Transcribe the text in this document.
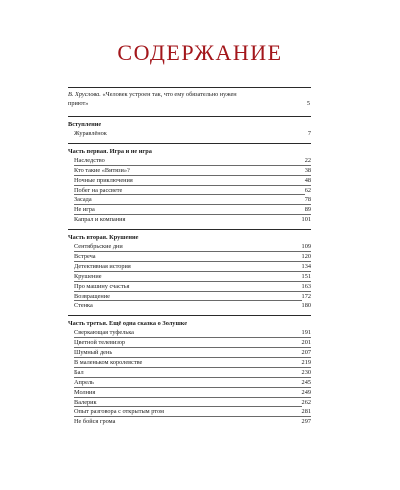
СОДЕРЖАНИЕ
В. Хруслова. «Человек устроен так, что ему обязательно нужен приют»	5
Вступление
Журавлёнок	7
Часть первая. Игра и не игра
Наследство	22
Кто такие «Витязи»?	38
Ночные приключения	48
Побег на рассвете	62
Засада	78
Не игра	89
Капрал и компания	101
Часть вторая. Крушение
Сентябрьские дни	109
Встреча	120
Детективная история	134
Крушение	151
Про машину счастья	163
Возвращение	172
Стенка	180
Часть третья. Ещё одна сказка о Золушке
Сверкающая туфелька	191
Цветной телевизор	201
Шумный день	207
В маленьком королевстве	219
Бал	230
Апрель	245
Молния	249
Валерик	262
Опыт разговора с открытым ртом	281
Не бойся грома	297
